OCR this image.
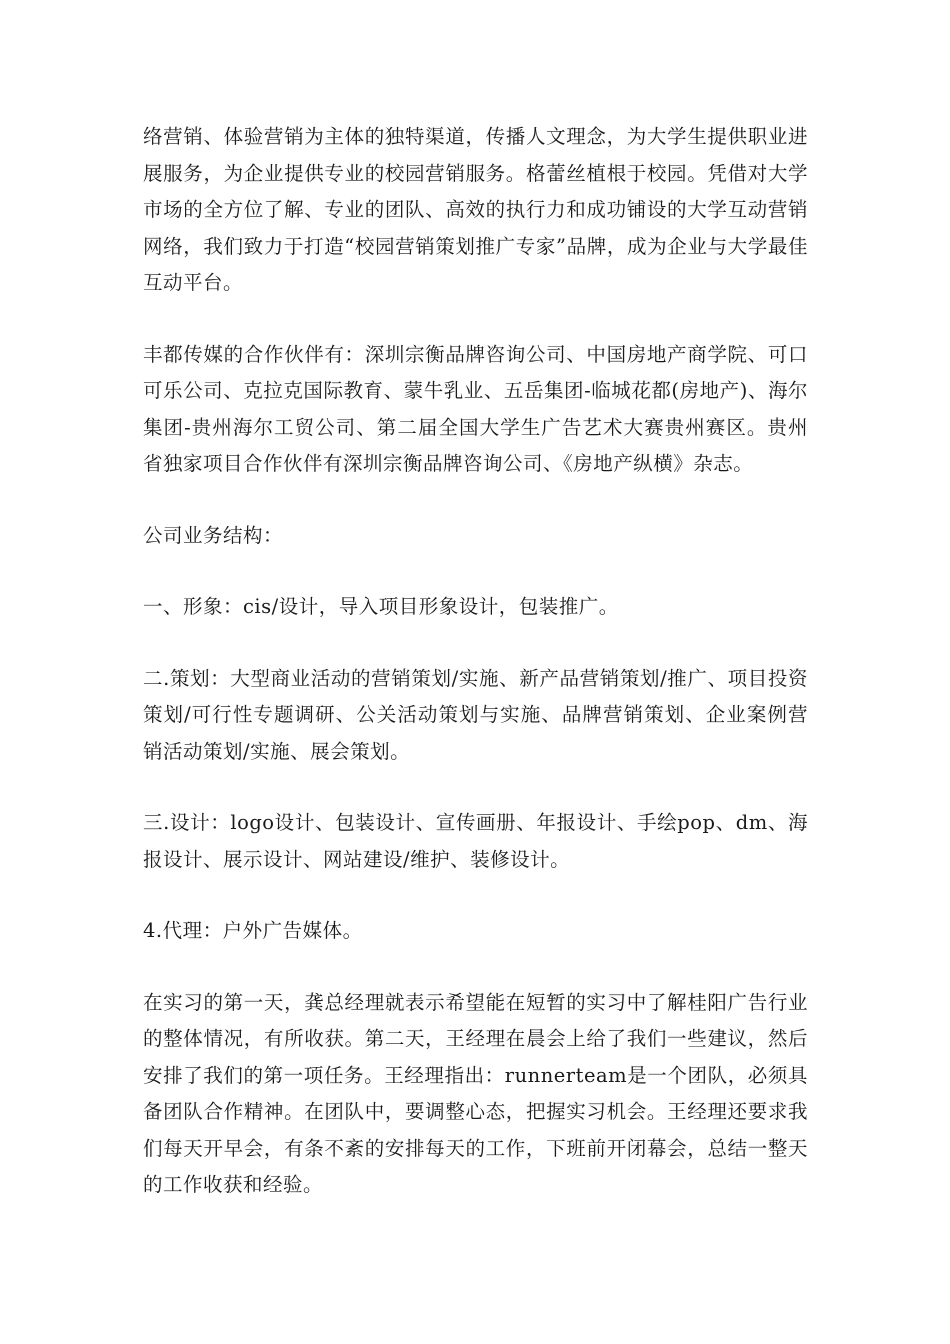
络营销、体验营销为主体的独特渠道，传播人文理念，为大学生提供职业进展服务，为企业提供专业的校园营销服务。格蕾丝植根于校园。凭借对大学市场的全方位了解、专业的团队、高效的执行力和成功铺设的大学互动营销网络，我们致力于打造“校园营销策划推广专家”品牌，成为企业与大学最佳互动平台。

丰都传媒的合作伙伴有：深圳宗衡品牌咨询公司、中国房地产商学院、可口可乐公司、克拉克国际教育、蒙牛乳业、五岳集团-临城花都(房地产)、海尔集团-贵州海尔工贸公司、第二届全国大学生广告艺术大赛贵州赛区。贵州省独家项目合作伙伴有深圳宗衡品牌咨询公司、《房地产纵横》杂志。

公司业务结构：

一、形象：cis/设计，导入项目形象设计，包装推广。

二.策划：大型商业活动的营销策划/实施、新产品营销策划/推广、项目投资策划/可行性专题调研、公关活动策划与实施、品牌营销策划、企业案例营销活动策划/实施、展会策划。

三.设计：logo设计、包装设计、宣传画册、年报设计、手绘pop、dm、海报设计、展示设计、网站建设/维护、装修设计。

4.代理：户外广告媒体。

在实习的第一天，龚总经理就表示希望能在短暂的实习中了解桂阳广告行业的整体情况，有所收获。第二天，王经理在晨会上给了我们一些建议，然后安排了我们的第一项任务。王经理指出：runnerteam是一个团队，必须具备团队合作精神。在团队中，要调整心态，把握实习机会。王经理还要求我们每天开早会，有条不紊的安排每天的工作，下班前开闭幕会，总结一整天的工作收获和经验。
